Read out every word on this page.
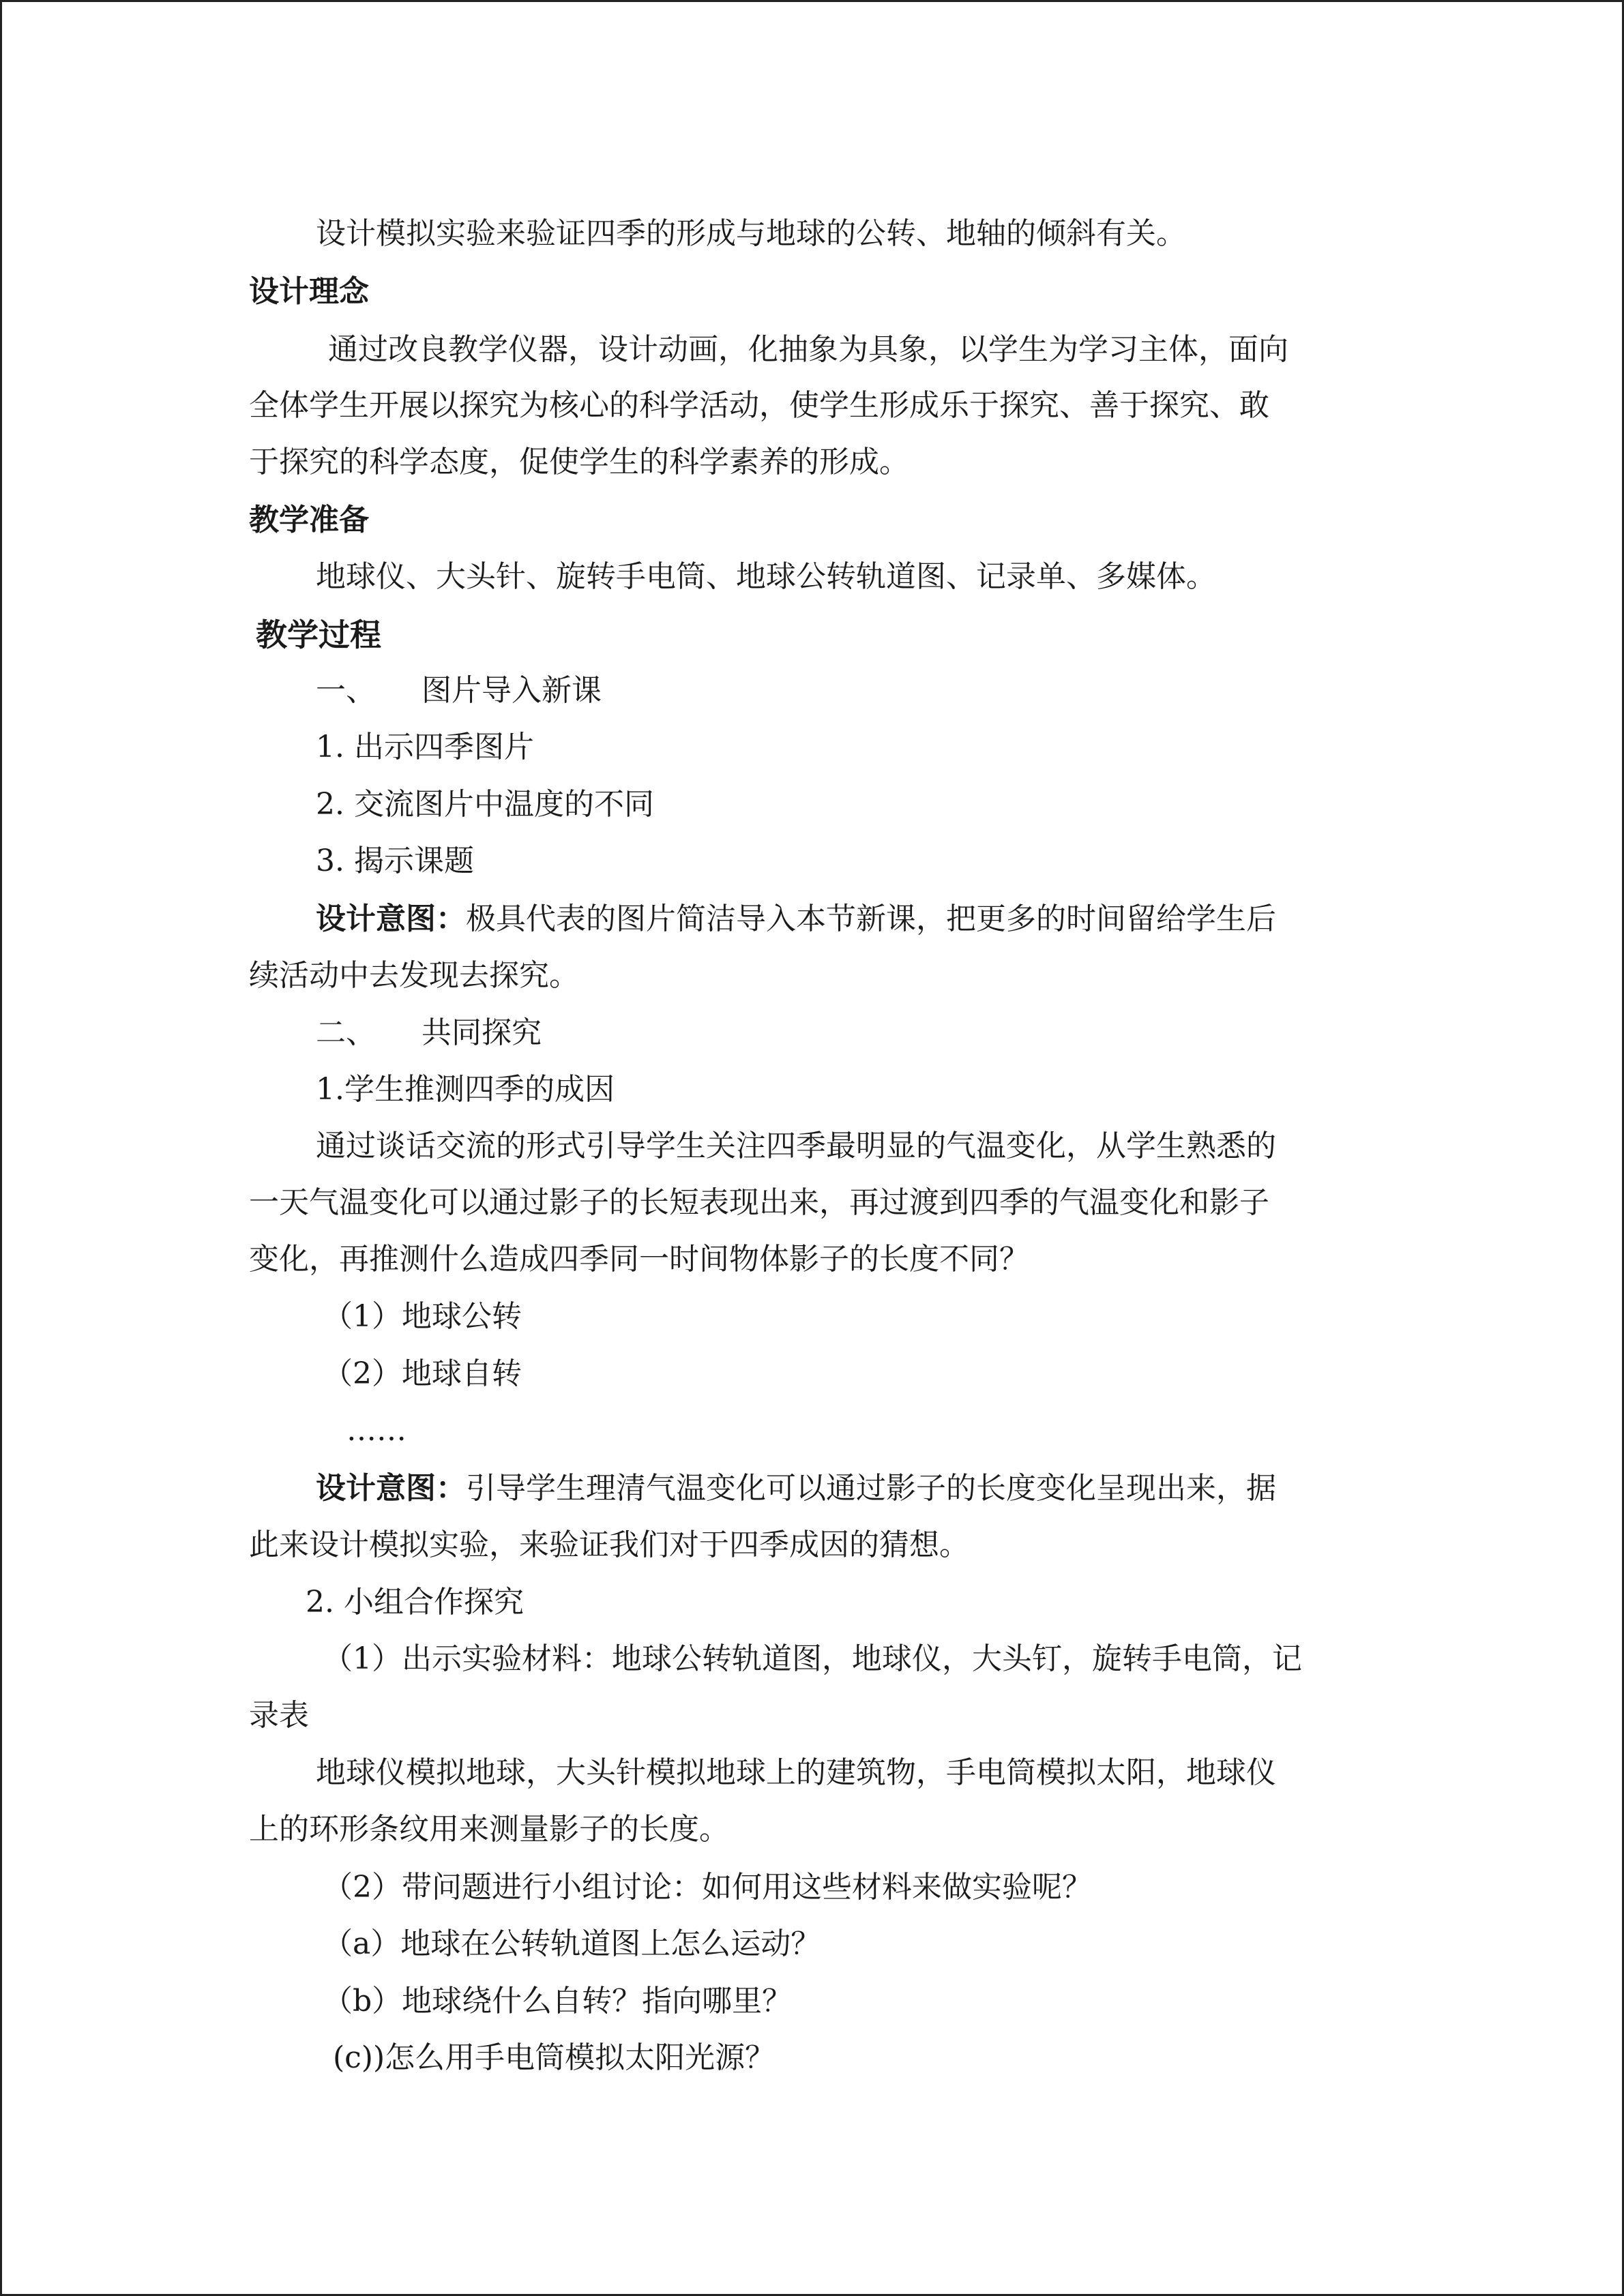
设计模拟实验来验证四季的形成与地球的公转、地轴的倾斜有关。

设计理念

通过改良教学仪器，设计动画，化抽象为具象，以学生为学习主体，面向

全体学生开展以探究为核心的科学活动，使学生形成乐于探究、善于探究、敢

于探究的科学态度，促使学生的科学素养的形成。

教学准备

地球仪、大头针、旋转手电筒、地球公转轨道图、记录单、多媒体。

教学过程

一、 图片导入新课

1. 出示四季图片

2. 交流图片中温度的不同

3. 揭示课题

设计意图：极具代表的图片简洁导入本节新课，把更多的时间留给学生后

续活动中去发现去探究。

二、 共同探究

1.学生推测四季的成因

通过谈话交流的形式引导学生关注四季最明显的气温变化，从学生熟悉的

一天气温变化可以通过影子的长短表现出来，再过渡到四季的气温变化和影子

变化，再推测什么造成四季同一时间物体影子的长度不同？

（1）地球公转

（2）地球自转

……

设计意图：引导学生理清气温变化可以通过影子的长度变化呈现出来，据

此来设计模拟实验，来验证我们对于四季成因的猜想。

2. 小组合作探究

（1）出示实验材料：地球公转轨道图，地球仪，大头钉，旋转手电筒，记

录表

地球仪模拟地球，大头针模拟地球上的建筑物，手电筒模拟太阳，地球仪

上的环形条纹用来测量影子的长度。

（2）带问题进行小组讨论：如何用这些材料来做实验呢？

（a）地球在公转轨道图上怎么运动？

（b）地球绕什么自转？指向哪里？

(c))怎么用手电筒模拟太阳光源？
